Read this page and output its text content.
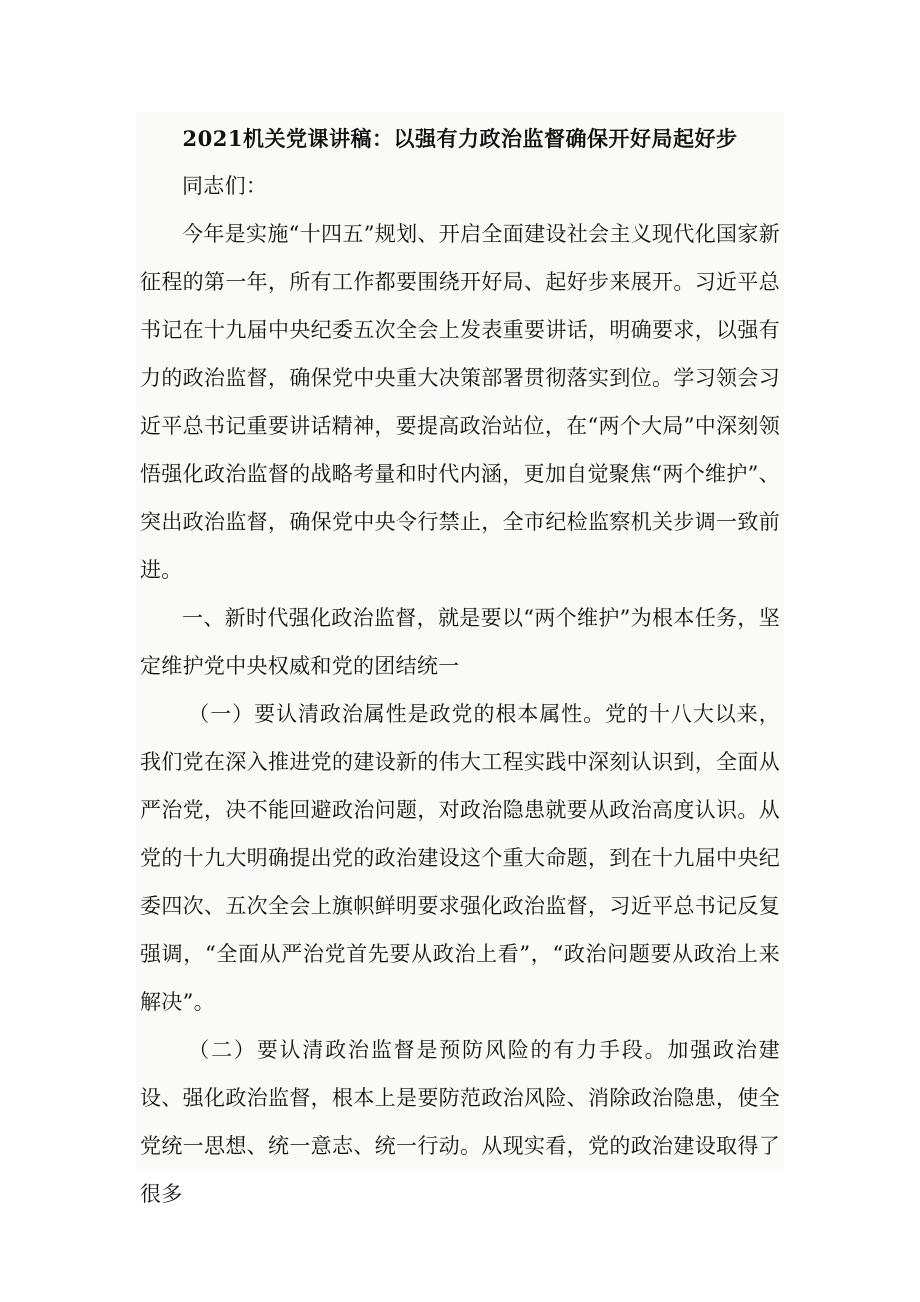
2021机关党课讲稿：以强有力政治监督确保开好局起好步

同志们：

今年是实施“十四五”规划、开启全面建设社会主义现代化国家新征程的第一年，所有工作都要围绕开好局、起好步来展开。习近平总书记在十九届中央纪委五次全会上发表重要讲话，明确要求，以强有力的政治监督，确保党中央重大决策部署贯彻落实到位。学习领会习近平总书记重要讲话精神，要提高政治站位，在“两个大局”中深刻领悟强化政治监督的战略考量和时代内涵，更加自觉聚焦“两个维护”、突出政治监督，确保党中央令行禁止，全市纪检监察机关步调一致前进。

一、新时代强化政治监督，就是要以“两个维护”为根本任务，坚定维护党中央权威和党的团结统一

（一）要认清政治属性是政党的根本属性。党的十八大以来，我们党在深入推进党的建设新的伟大工程实践中深刻认识到，全面从严治党，决不能回避政治问题，对政治隐患就要从政治高度认识。从党的十九大明确提出党的政治建设这个重大命题，到在十九届中央纪委四次、五次全会上旗帜鲜明要求强化政治监督，习近平总书记反复强调，“全面从严治党首先要从政治上看”，“政治问题要从政治上来解决”。

（二）要认清政治监督是预防风险的有力手段。加强政治建设、强化政治监督，根本上是要防范政治风险、消除政治隐患，使全党统一思想、统一意志、统一行动。从现实看，党的政治建设取得了很多
